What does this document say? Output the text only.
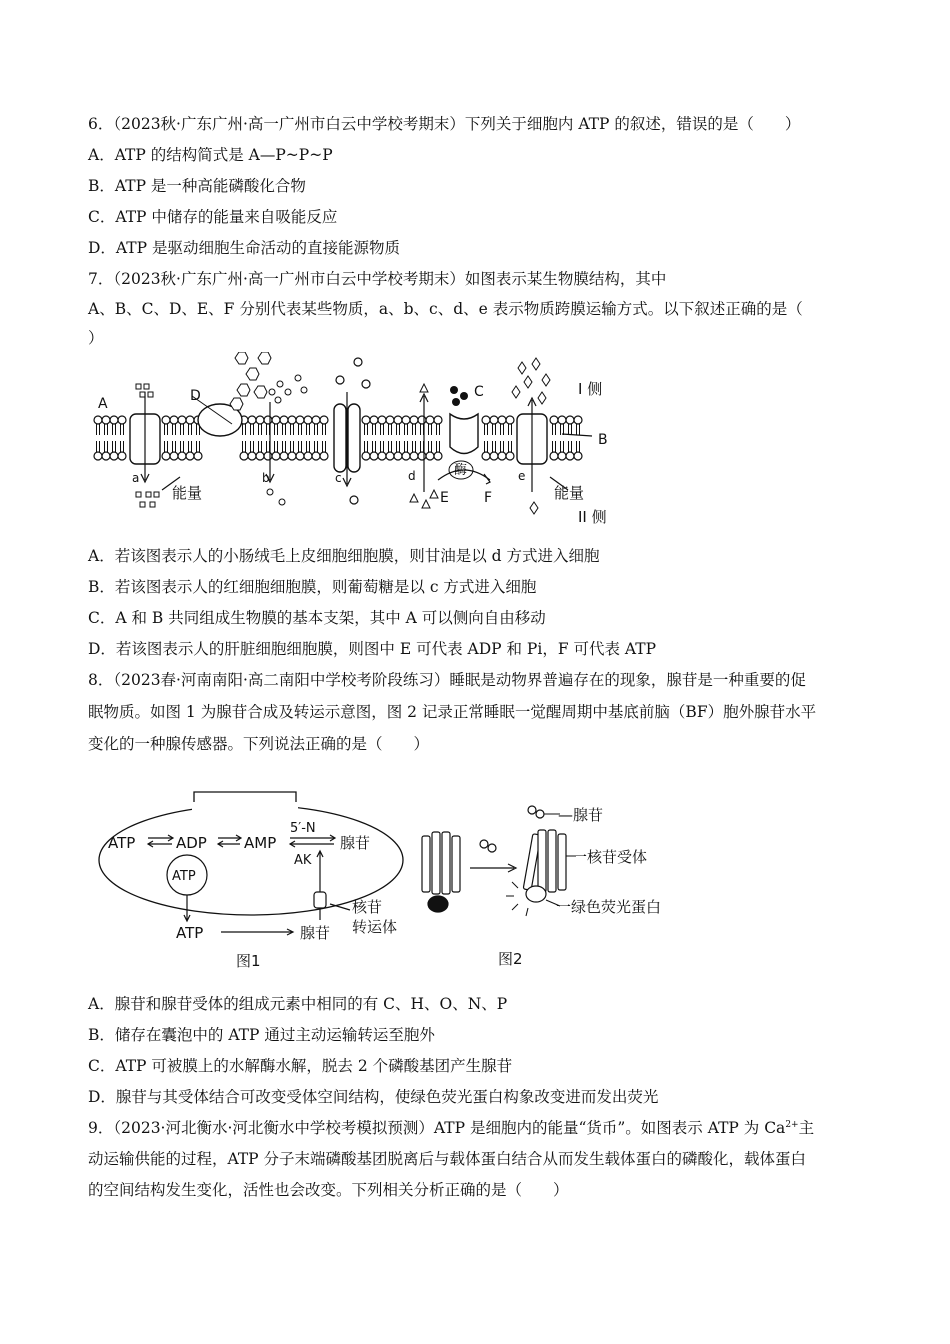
6．（2023秋·广东广州·高一广州市白云中学校考期末）下列关于细胞内 ATP 的叙述，错误的是（　　）
A．ATP 的结构简式是 A—P~P~P
B．ATP 是一种高能磷酸化合物
C．ATP 中储存的能量来自吸能反应
D．ATP 是驱动细胞生命活动的直接能源物质
7．（2023秋·广东广州·高一广州市白云中学校考期末）如图表示某生物膜结构，其中
A、B、C、D、E、F 分别代表某些物质，a、b、c、d、e 表示物质跨膜运输方式。以下叙述正确的是（
）
A	D	C
B
E	F
a	b	c	d	e
I 侧
II 侧
能量	能量
酶
A．若该图表示人的小肠绒毛上皮细胞细胞膜，则甘油是以 d 方式进入细胞
B．若该图表示人的红细胞细胞膜，则葡萄糖是以 c 方式进入细胞
C．A 和 B 共同组成生物膜的基本支架，其中 A 可以侧向自由移动
D．若该图表示人的肝脏细胞细胞膜，则图中 E 可代表 ADP 和 Pi，F 可代表 ATP
8．（2023春·河南南阳·高二南阳中学校考阶段练习）睡眠是动物界普遍存在的现象，腺苷是一种重要的促
眠物质。如图 1 为腺苷合成及转运示意图，图 2 记录正常睡眠一觉醒周期中基底前脑（BF）胞外腺苷水平
变化的一种腺传感器。下列说法正确的是（　　）
ATP	ADP AMP
5′-N
AK
腺苷
ATP
ATP	腺苷
核苷
转运体
图1
—腺苷
一核苷受体
一绿色荧光蛋白
图2
A．腺苷和腺苷受体的组成元素中相同的有 C、H、O、N、P
B．储存在囊泡中的 ATP 通过主动运输转运至胞外
C．ATP 可被膜上的水解酶水解，脱去 2 个磷酸基团产生腺苷
D．腺苷与其受体结合可改变受体空间结构，使绿色荧光蛋白构象改变进而发出荧光
9．（2023·河北衡水·河北衡水中学校考模拟预测）ATP 是细胞内的能量“货币”。如图表示 ATP 为 $Ca^{2+}$主
动运输供能的过程，ATP 分子末端磷酸基团脱离后与载体蛋白结合从而发生载体蛋白的磷酸化，载体蛋白
的空间结构发生变化，活性也会改变。下列相关分析正确的是（　　）
